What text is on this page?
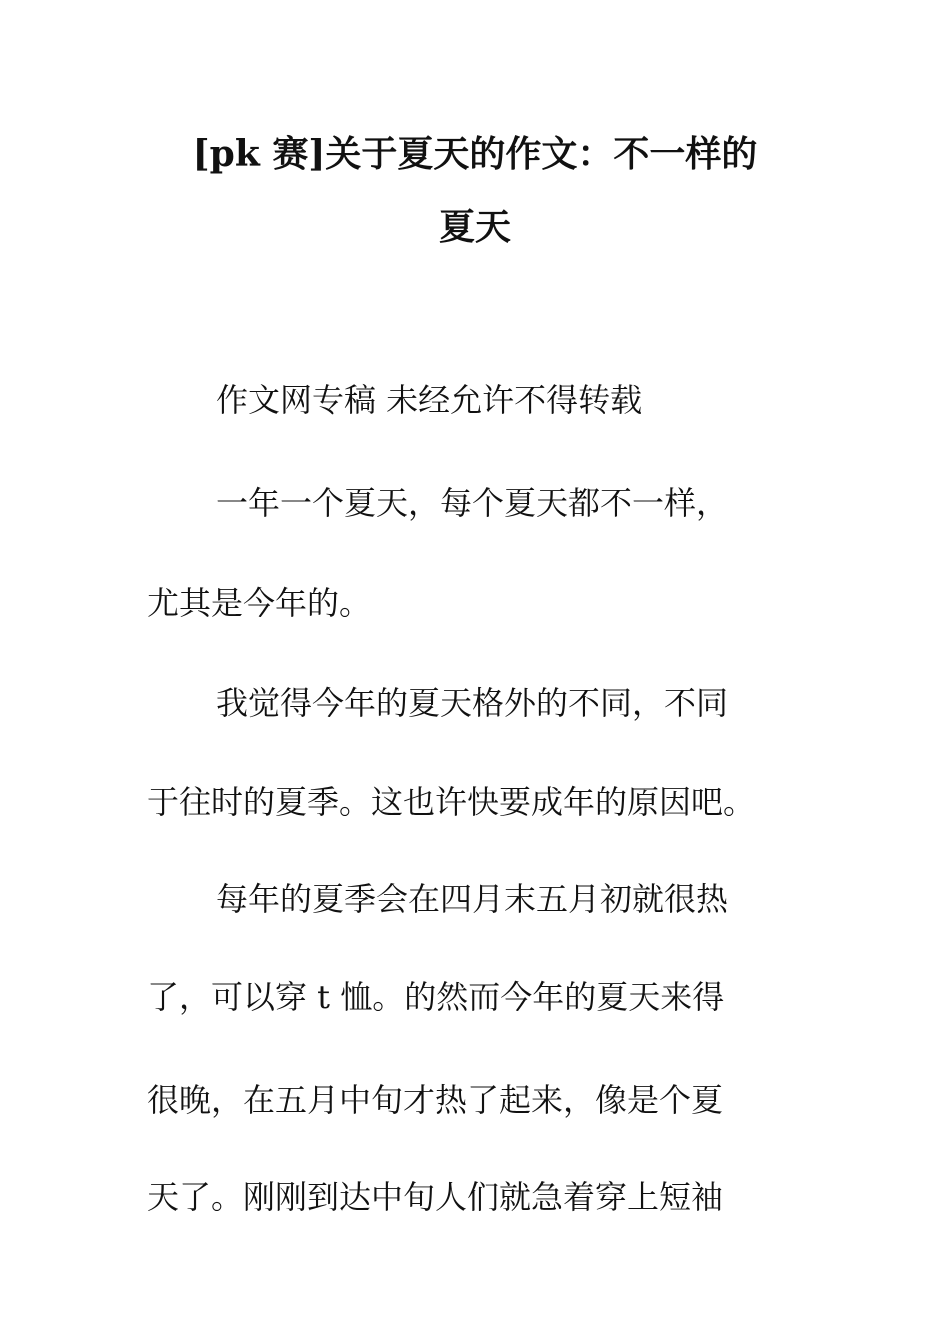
[pk 赛]关于夏天的作文：不一样的
夏天
作文网专稿 未经允许不得转载
一年一个夏天，每个夏天都不一样，
尤其是今年的。
我觉得今年的夏天格外的不同，不同
于往时的夏季。这也许快要成年的原因吧。
每年的夏季会在四月末五月初就很热
了，可以穿 t 恤。的然而今年的夏天来得
很晚，在五月中旬才热了起来，像是个夏
天了。刚刚到达中旬人们就急着穿上短袖
